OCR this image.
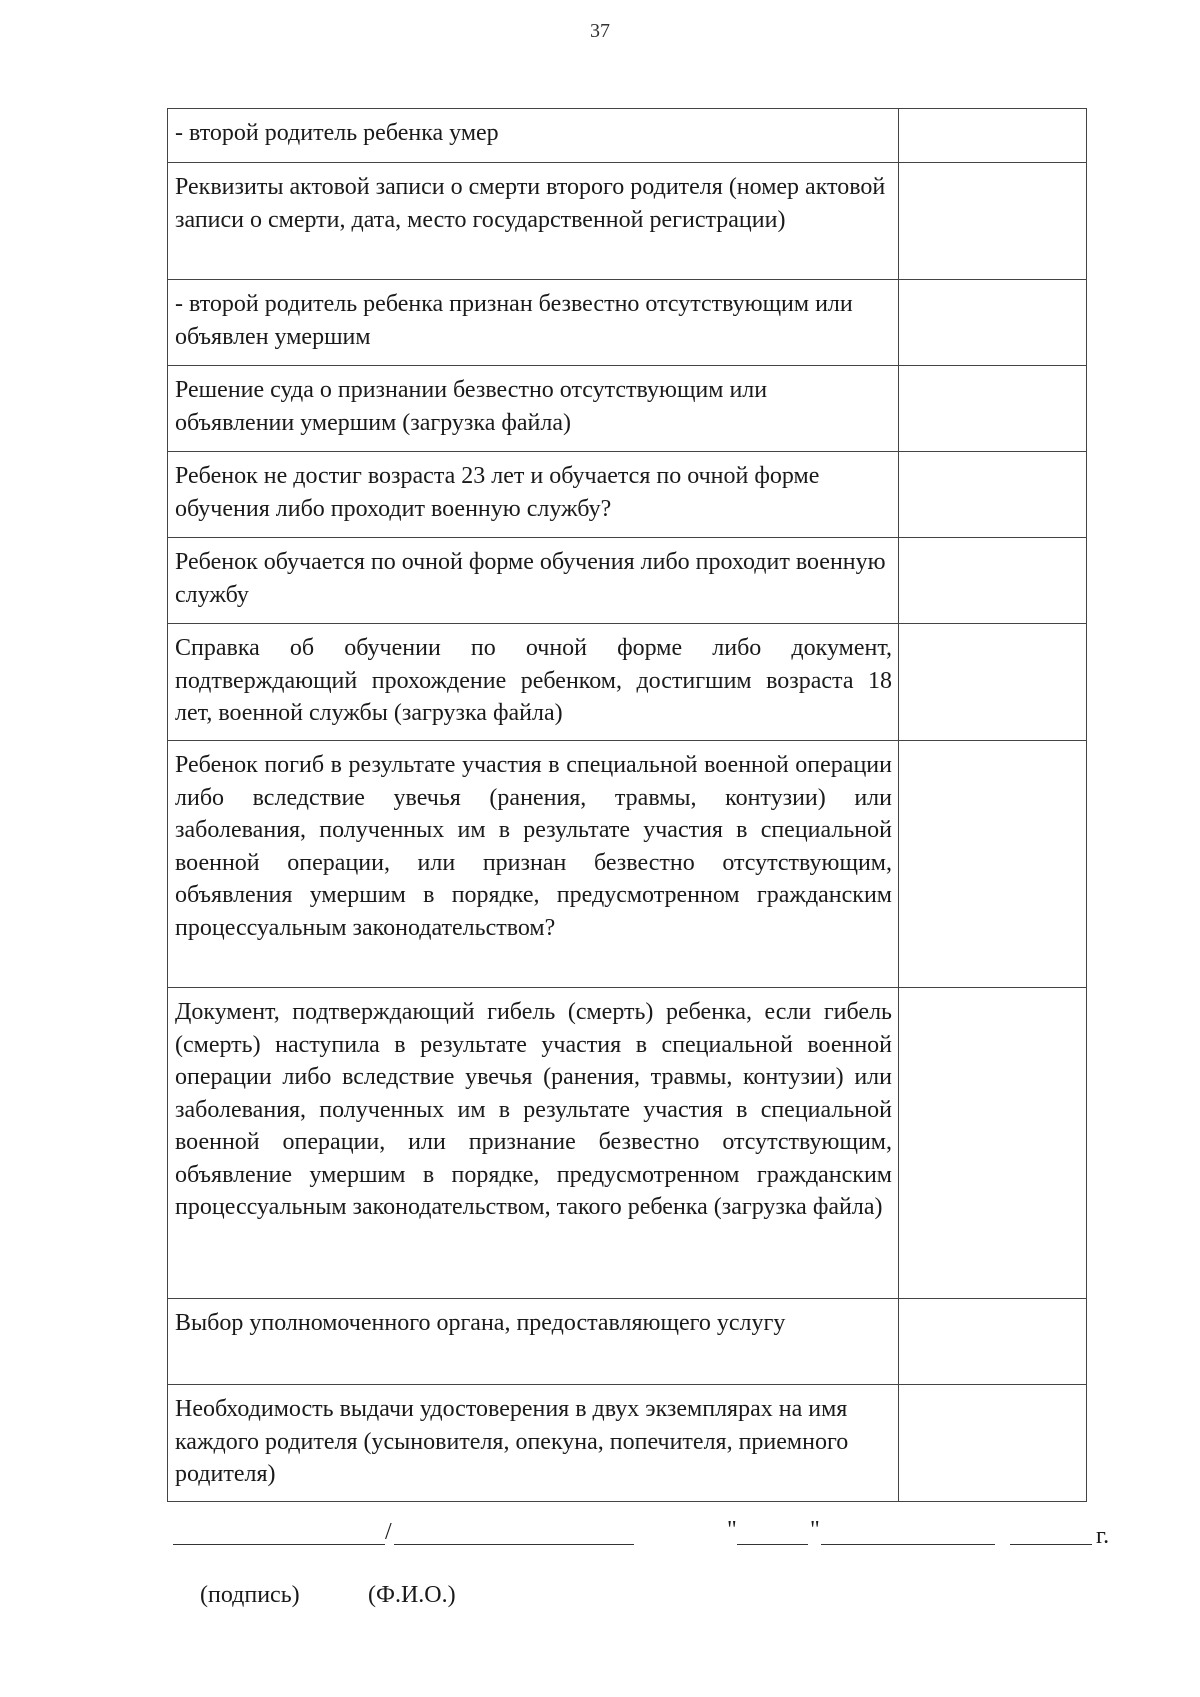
37
- второй родитель ребенка умер	

Реквизиты актовой записи о смерти второго родителя (номер актовой записи о смерти, дата, место государственной регистрации)	

- второй родитель ребенка признан безвестно отсутствующим или объявлен умершим	

Решение суда о признании безвестно отсутствующим или объявлении умершим (загрузка файла)	

Ребенок не достиг возраста 23 лет и обучается по очной форме обучения либо проходит военную службу?	

Ребенок обучается по очной форме обучения либо проходит военную службу	

Справка об обучении по очной форме либо документ, подтверждающий прохождение ребенком, достигшим возраста 18 лет, военной службы (загрузка файла)	

Ребенок погиб в результате участия в специальной военной операции либо вследствие увечья (ранения, травмы, контузии) или заболевания, полученных им в результате участия в специальной военной операции, или признан безвестно отсутствующим, объявления умершим в порядке, предусмотренном гражданским процессуальным законодательством?	

Документ, подтверждающий гибель (смерть) ребенка, если гибель (смерть) наступила в результате участия в специальной военной операции либо вследствие увечья (ранения, травмы, контузии) или заболевания, полученных им в результате участия в специальной военной операции, или признание безвестно отсутствующим, объявление умершим в порядке, предусмотренном гражданским процессуальным законодательством, такого ребенка (загрузка файла)	

Выбор уполномоченного органа, предоставляющего услугу	

Необходимость выдачи удостоверения в двух экземплярах на имя каждого родителя (усыновителя, опекуна, попечителя, приемного родителя)	

/	"	"	г.
(подпись)	(Ф.И.О.)
